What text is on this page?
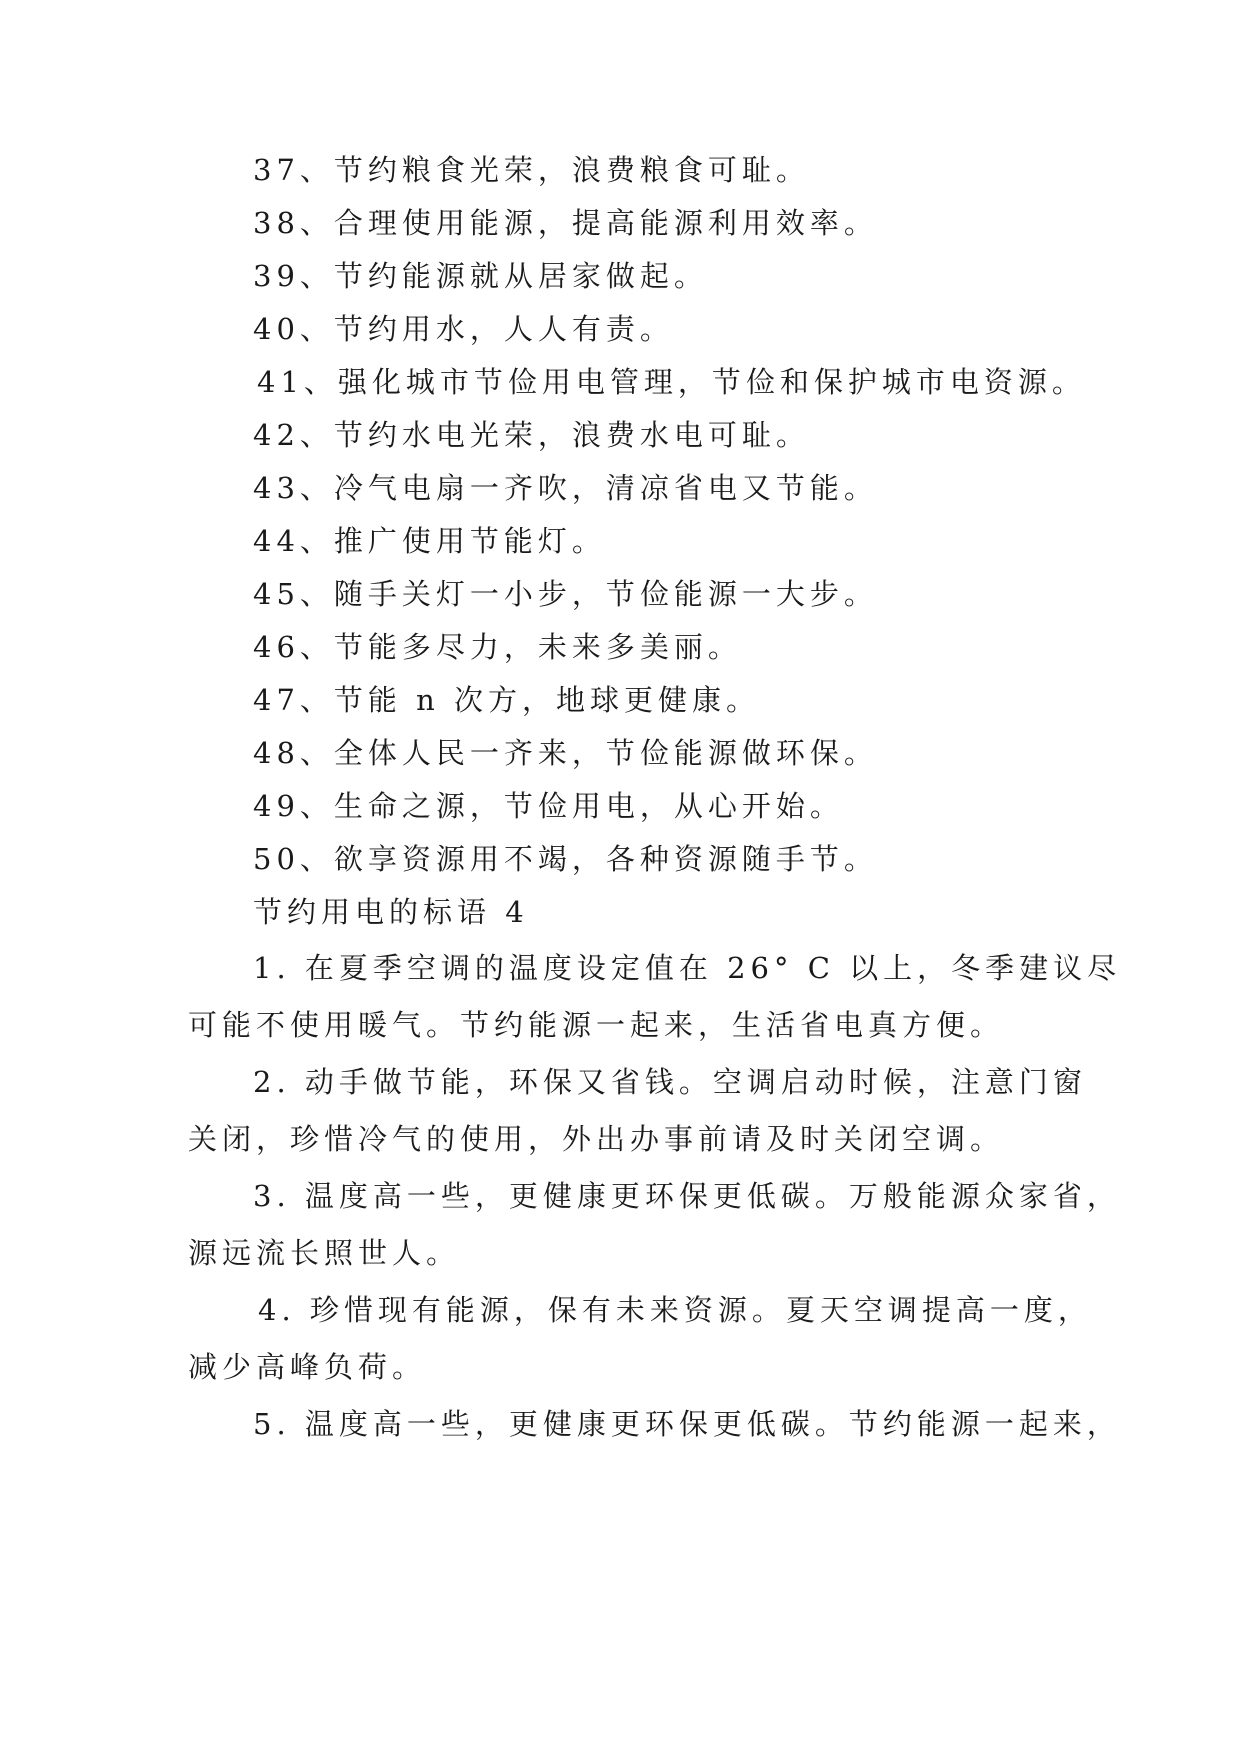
37、节约粮食光荣，浪费粮食可耻。
38、合理使用能源，提高能源利用效率。
39、节约能源就从居家做起。
40、节约用水，人人有责。
41、强化城市节俭用电管理，节俭和保护城市电资源。
42、节约水电光荣，浪费水电可耻。
43、冷气电扇一齐吹，清凉省电又节能。
44、推广使用节能灯。
45、随手关灯一小步，节俭能源一大步。
46、节能多尽力，未来多美丽。
47、节能 n 次方，地球更健康。
48、全体人民一齐来，节俭能源做环保。
49、生命之源，节俭用电，从心开始。
50、欲享资源用不竭，各种资源随手节。
节约用电的标语 4
1. 在夏季空调的温度设定值在 26° C 以上，冬季建议尽
可能不使用暖气。节约能源一起来，生活省电真方便。
2. 动手做节能，环保又省钱。空调启动时候，注意门窗
关闭，珍惜冷气的使用，外出办事前请及时关闭空调。
3. 温度高一些，更健康更环保更低碳。万般能源众家省，
源远流长照世人。
4. 珍惜现有能源，保有未来资源。夏天空调提高一度，
减少高峰负荷。
5. 温度高一些，更健康更环保更低碳。节约能源一起来，
